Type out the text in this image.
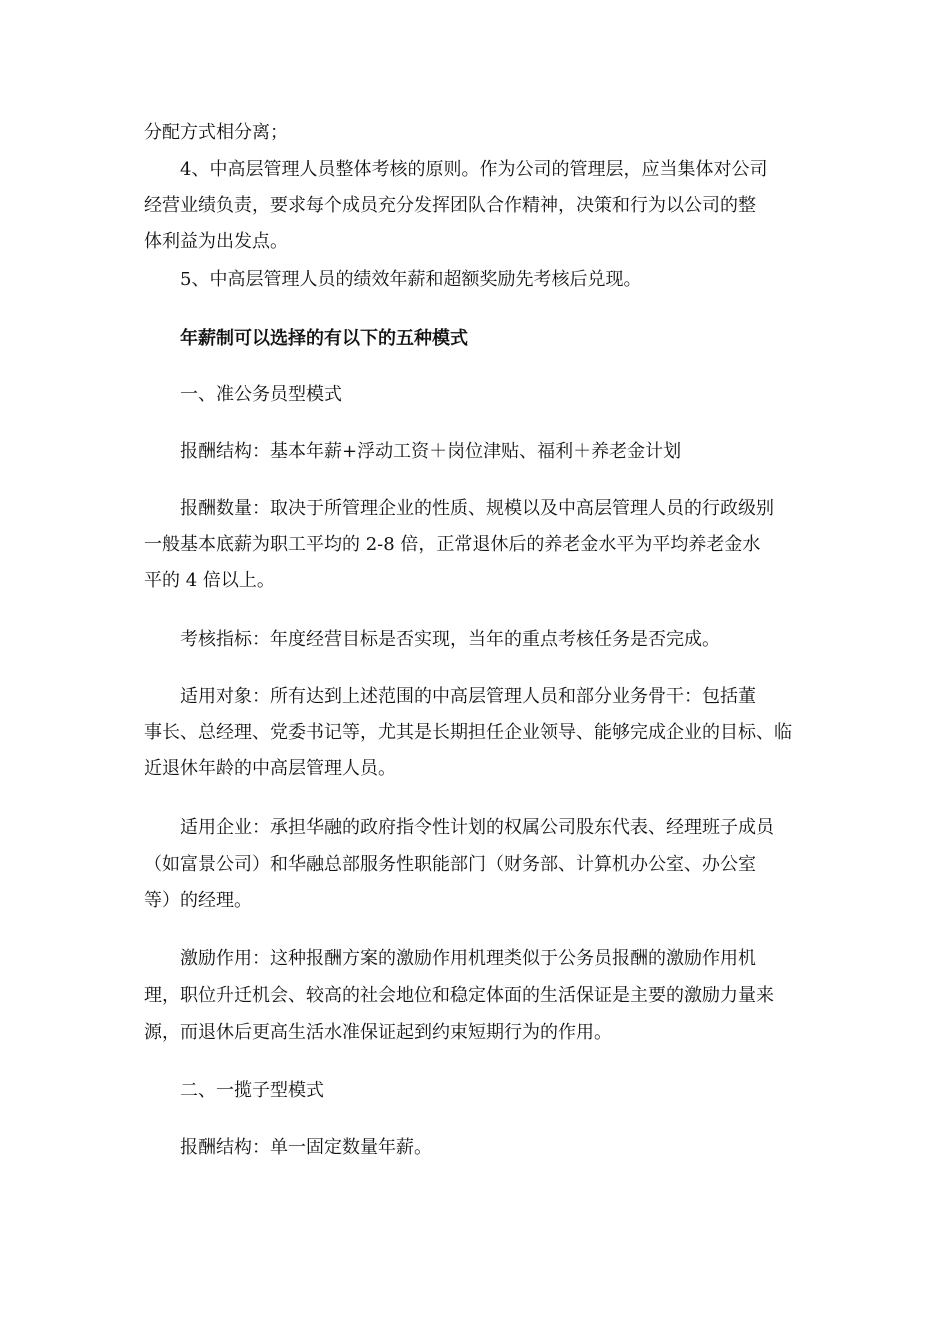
分配方式相分离；
4、中高层管理人员整体考核的原则。作为公司的管理层，应当集体对公司
经营业绩负责，要求每个成员充分发挥团队合作精神，决策和行为以公司的整
体利益为出发点。
5、中高层管理人员的绩效年薪和超额奖励先考核后兑现。
年薪制可以选择的有以下的五种模式
一、准公务员型模式
报酬结构：基本年薪+浮动工资＋岗位津贴、福利＋养老金计划
报酬数量：取决于所管理企业的性质、规模以及中高层管理人员的行政级别
一般基本底薪为职工平均的 2-8 倍，正常退休后的养老金水平为平均养老金水
平的 4 倍以上。
考核指标：年度经营目标是否实现，当年的重点考核任务是否完成。
适用对象：所有达到上述范围的中高层管理人员和部分业务骨干：包括董
事长、总经理、党委书记等，尤其是长期担任企业领导、能够完成企业的目标、临
近退休年龄的中高层管理人员。
适用企业：承担华融的政府指令性计划的权属公司股东代表、经理班子成员
（如富景公司）和华融总部服务性职能部门（财务部、计算机办公室、办公室
等）的经理。
激励作用：这种报酬方案的激励作用机理类似于公务员报酬的激励作用机
理，职位升迁机会、较高的社会地位和稳定体面的生活保证是主要的激励力量来
源，而退休后更高生活水准保证起到约束短期行为的作用。
二、一揽子型模式
报酬结构：单一固定数量年薪。
